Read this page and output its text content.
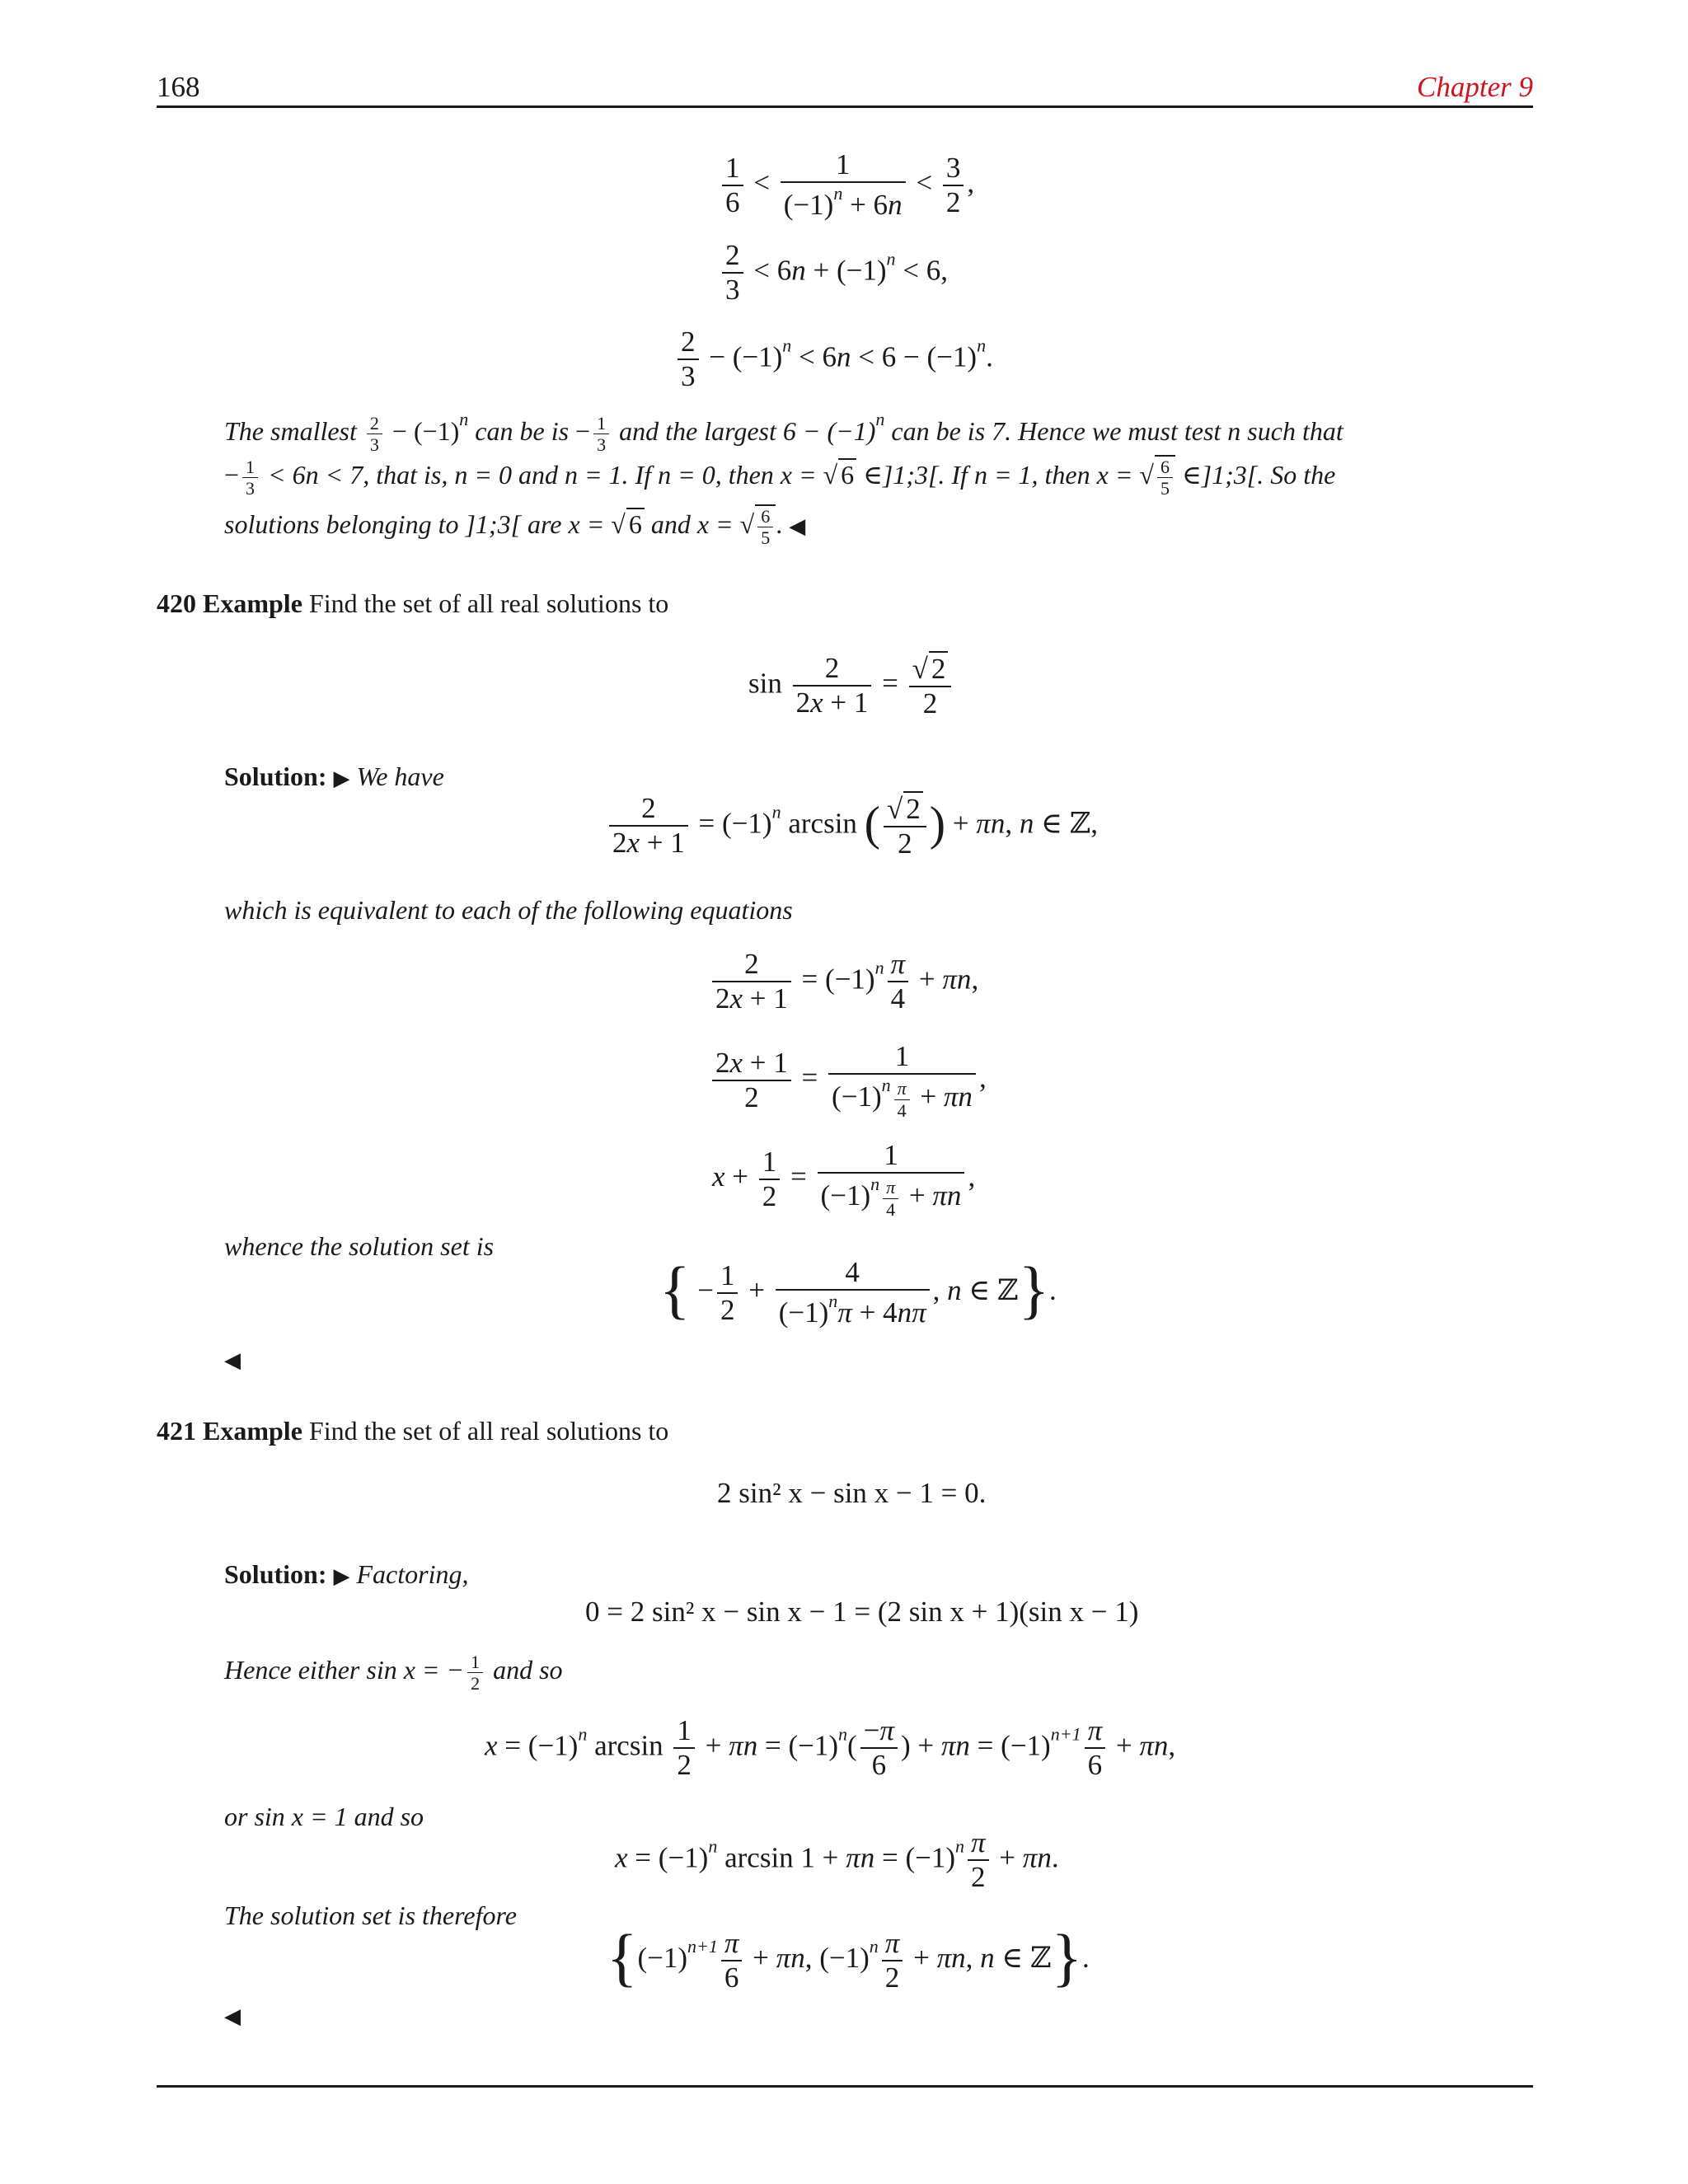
168	Chapter 9
$\frac{1}{6} < \frac{1}{(-1)^n + 6n} < \frac{3}{2}$ ,
$\frac{2}{3} < 6n + (-1)^n < 6$,
$\frac{2}{3} - (-1)^n < 6n < 6 - (-1)^n$.
The smallest $\frac{2}{3} - (-1)^n$ can be is − $\frac{1}{3}$ and the largest $6 - (-1)^n$ can be is 7. Hence we must test n such that
− $\frac{1}{3} < 6n < 7$, that is, n = 0 and n = 1. If n = 0, then x = √ 6 ∈]1;3[. If n = 1, then x = √ $\frac{6}{5}$ ∈]1;3[. So the
solutions belonging to ]1;3[ are x = √ 6 and x = √ $\frac{6}{5}$ . ◀
420 Example Find the set of all real solutions to
$\sin \frac{2}{2x + 1} = \frac{√ 2}{2}$
Solution: ▶ We have
$\frac{2}{2x + 1} = (-1)^n$ arcsin ( $\frac{√ 2}{2}$ ) + πn, n ∈ ℤ,
which is equivalent to each of the following equations
$\frac{2}{2x + 1} = (-1)^n \frac{\pi}{4} + \pi n$,
$\frac{2x + 1}{2} = \frac{1}{(-1)^n \frac{\pi}{4} + \pi n}$ ,
$x + \frac{1}{2} = \frac{1}{(-1)^n \frac{\pi}{4} + \pi n}$ ,
whence the solution set is
{ − $\frac{1}{2} + \frac{4}{(-1)^n\pi + 4n\pi}$ , n ∈ ℤ}.
◀
421 Example Find the set of all real solutions to
2 sin² x − sin x − 1 = 0.
Solution: ▶ Factoring,
0 = 2 sin² x − sin x − 1 = (2 sin x + 1)(sin x − 1)
Hence either sin x = − $\frac{1}{2}$ and so
$x = (-1)^n$ $\arcsin \frac{1}{2} + \pi n = (-1)^n( \frac{-\pi}{6}$ ) + $\pi n = (-1)^{n+1} \frac{\pi}{6} + \pi n$,
or sin x = 1 and so
$x = (-1)^n$ $\arcsin 1 + \pi n = (-1)^n \frac{\pi}{2} + \pi n$.
The solution set is therefore
{$(-1)^{n+1} \frac{\pi}{6} + \pi n$, $(-1)^n \frac{\pi}{2} + \pi n$, n ∈ ℤ}.
◀
